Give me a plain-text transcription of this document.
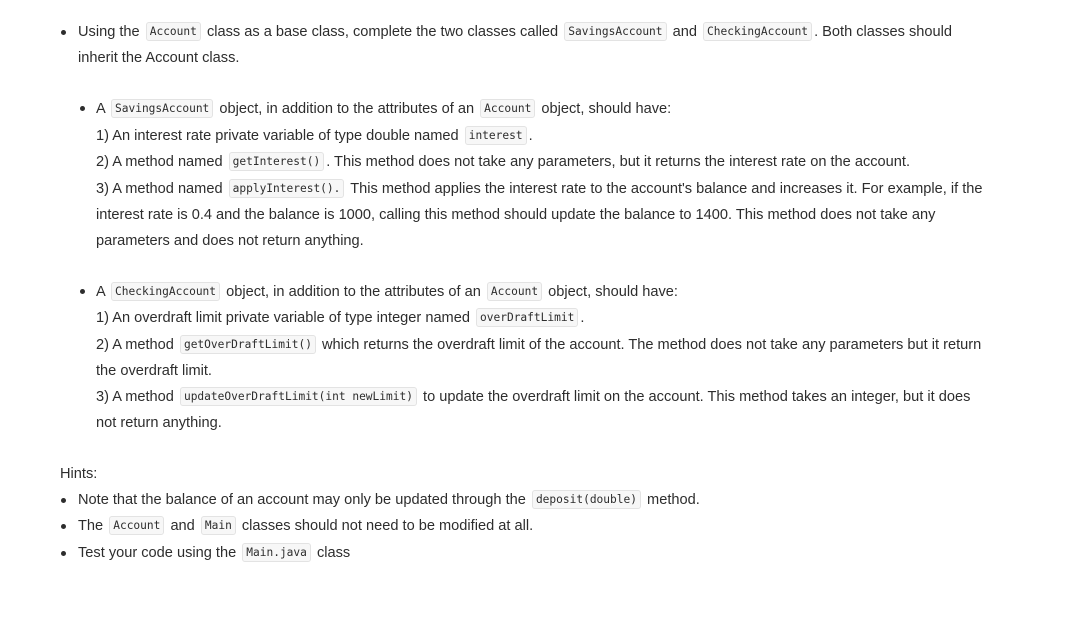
Using the Account class as a base class, complete the two classes called SavingsAccount and CheckingAccount . Both classes should
inherit the Account class.
A SavingsAccount object, in addition to the attributes of an Account object, should have:
1) An interest rate private variable of type double named interest .
2) A method named getInterest() . This method does not take any parameters, but it returns the interest rate on the account.
3) A method named applyInterest(). This method applies the interest rate to the account's balance and increases it. For example, if the
interest rate is 0.4 and the balance is 1000, calling this method should update the balance to 1400. This method does not take any
parameters and does not return anything.
A CheckingAccount object, in addition to the attributes of an Account object, should have:
1) An overdraft limit private variable of type integer named overDraftLimit .
2) A method getOverDraftLimit() which returns the overdraft limit of the account. The method does not take any parameters but it return
the overdraft limit.
3) A method updateOverDraftLimit(int newLimit) to update the overdraft limit on the account. This method takes an integer, but it does
not return anything.
Hints:
Note that the balance of an account may only be updated through the deposit(double) method.
The Account and Main classes should not need to be modified at all.
Test your code using the Main.java class
